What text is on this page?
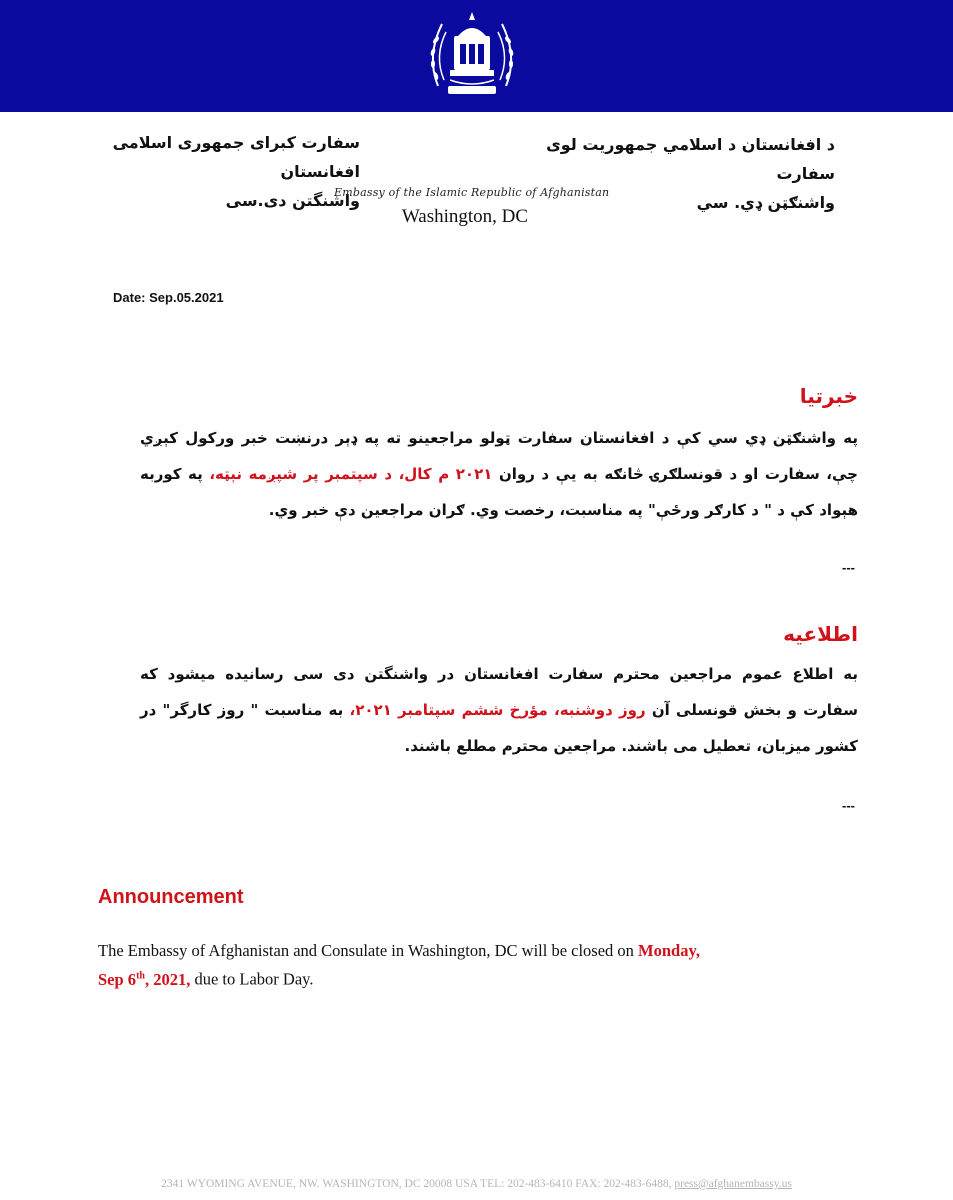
د افغانستان د اسلامي جمهوریت لوی سفارت
واشنګټن ډي. سي
سفارت کبرای جمهوری اسلامی افغانستان
واشنگتن دی.سی
Embassy of the Islamic Republic of Afghanistan
Washington, DC
Date: Sep.05.2021

خبرتیا

په واشنګټن ډي سي کې د افغانستان سفارت ټولو مراجعینو ته په ډېر درنښت خبر ورکول کېږي چې، سفارت او د قونسلګرۍ څانګه به یې د روان ۲۰۲۱ م کال، د سپتمبر پر شپږمه نېټه، په کوربه هېواد کې د " د کارګر ورځې" په مناسبت، رخصت وي. ګران مراجعین دې خبر وي.

---

اطلاعیه

به اطلاع عموم مراجعین محترم سفارت افغانستان در واشنگتن دی سی رسانیده میشود که سفارت و بخش قونسلی آن روز دوشنبه، مؤرخ ششم سپتامبر ۲۰۲۱، به مناسبت " روز کارگر" در کشور میزبان، تعطیل می باشند. مراجعین محترم مطلع باشند.

---
Announcement
The Embassy of Afghanistan and Consulate in Washington, DC will be closed on Monday,
Sep 6th, 2021, due to Labor Day.
2341 WYOMING AVENUE, NW. WASHINGTON, DC 20008 USA TEL: 202-483-6410 FAX: 202-483-6488, press@afghanembassy.us
